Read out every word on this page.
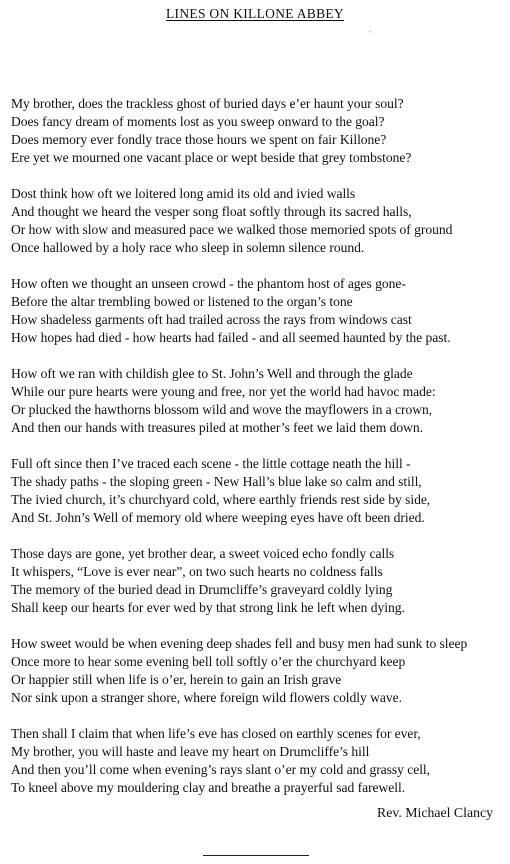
LINES ON KILLONE ABBEY
,
My brother, does the trackless ghost of buried days e’er haunt your soul?
Does fancy dream of moments lost as you sweep onward to the goal?
Does memory ever fondly trace those hours we spent on fair Killone?
Ere yet we mourned one vacant place or wept beside that grey tombstone?
Dost think how oft we loitered long amid its old and ivied walls
And thought we heard the vesper song float softly through its sacred halls,
Or how with slow and measured pace we walked those memoried spots of ground
Once hallowed by a holy race who sleep in solemn silence round.
How often we thought an unseen crowd - the phantom host of ages gone-
Before the altar trembling bowed or listened to the organ’s tone
How shadeless garments oft had trailed across the rays from windows cast
How hopes had died - how hearts had failed - and all seemed haunted by the past.
How oft we ran with childish glee to St. John’s Well and through the glade
While our pure hearts were young and free, nor yet the world had havoc made:
Or plucked the hawthorns blossom wild and wove the mayflowers in a crown,
And then our hands with treasures piled at mother’s feet we laid them down.
Full oft since then I’ve traced each scene - the little cottage neath the hill -
The shady paths - the sloping green - New Hall’s blue lake so calm and still,
The ivied church, it’s churchyard cold, where earthly friends rest side by side,
And St. John’s Well of memory old where weeping eyes have oft been dried.
Those days are gone, yet brother dear, a sweet voiced echo fondly calls
It whispers, “Love is ever near”, on two such hearts no coldness falls
The memory of the buried dead in Drumcliffe’s graveyard coldly lying
Shall keep our hearts for ever wed by that strong link he left when dying.
How sweet would be when evening deep shades fell and busy men had sunk to sleep
Once more to hear some evening bell toll softly o’er the churchyard keep
Or happier still when life is o’er, herein to gain an Irish grave
Nor sink upon a stranger shore, where foreign wild flowers coldly wave.
Then shall I claim that when life’s eve has closed on earthly scenes for ever,
My brother, you will haste and leave my heart on Drumcliffe’s hill
And then you’ll come when evening’s rays slant o’er my cold and grassy cell,
To kneel above my mouldering clay and breathe a prayerful sad farewell.
Rev. Michael Clancy
